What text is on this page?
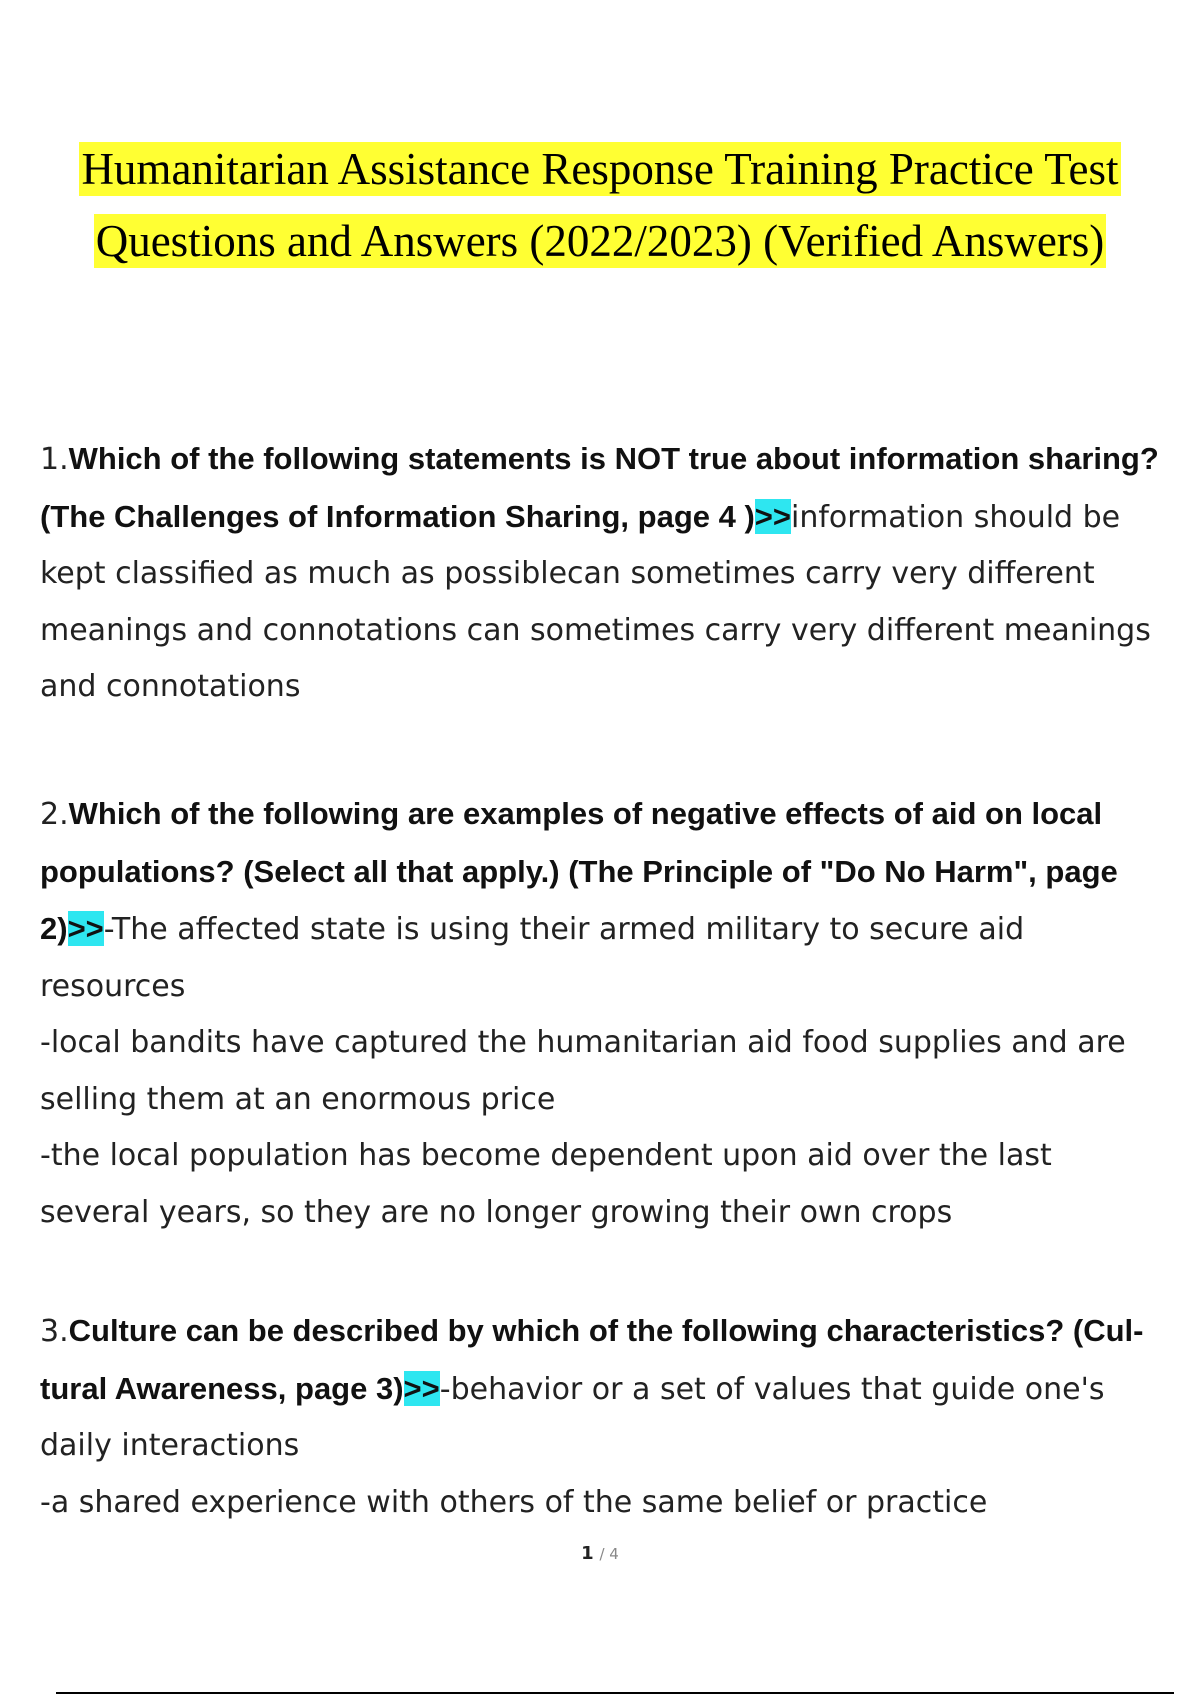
Humanitarian Assistance Response Training Practice Test
Questions and Answers (2022/2023) (Verified Answers)
1.Which of the following statements is NOT true about information sharing? (The Challenges of Information Sharing, page 4 )>>information should be kept classified as much as possiblecan sometimes carry very different meanings and connotations can sometimes carry very different meanings and connotations
2.Which of the following are examples of negative effects of aid on local populations? (Select all that apply.) (The Principle of "Do No Harm", page 2)>>-The affected state is using their armed military to secure aid resources
-local bandits have captured the humanitarian aid food supplies and are selling them at an enormous price
-the local population has become dependent upon aid over the last several years, so they are no longer growing their own crops
3.Culture can be described by which of the following characteristics? (Cul- tural Awareness, page 3)>>-behavior or a set of values that guide one's daily interactions
-a shared experience with others of the same belief or practice
1 / 4
